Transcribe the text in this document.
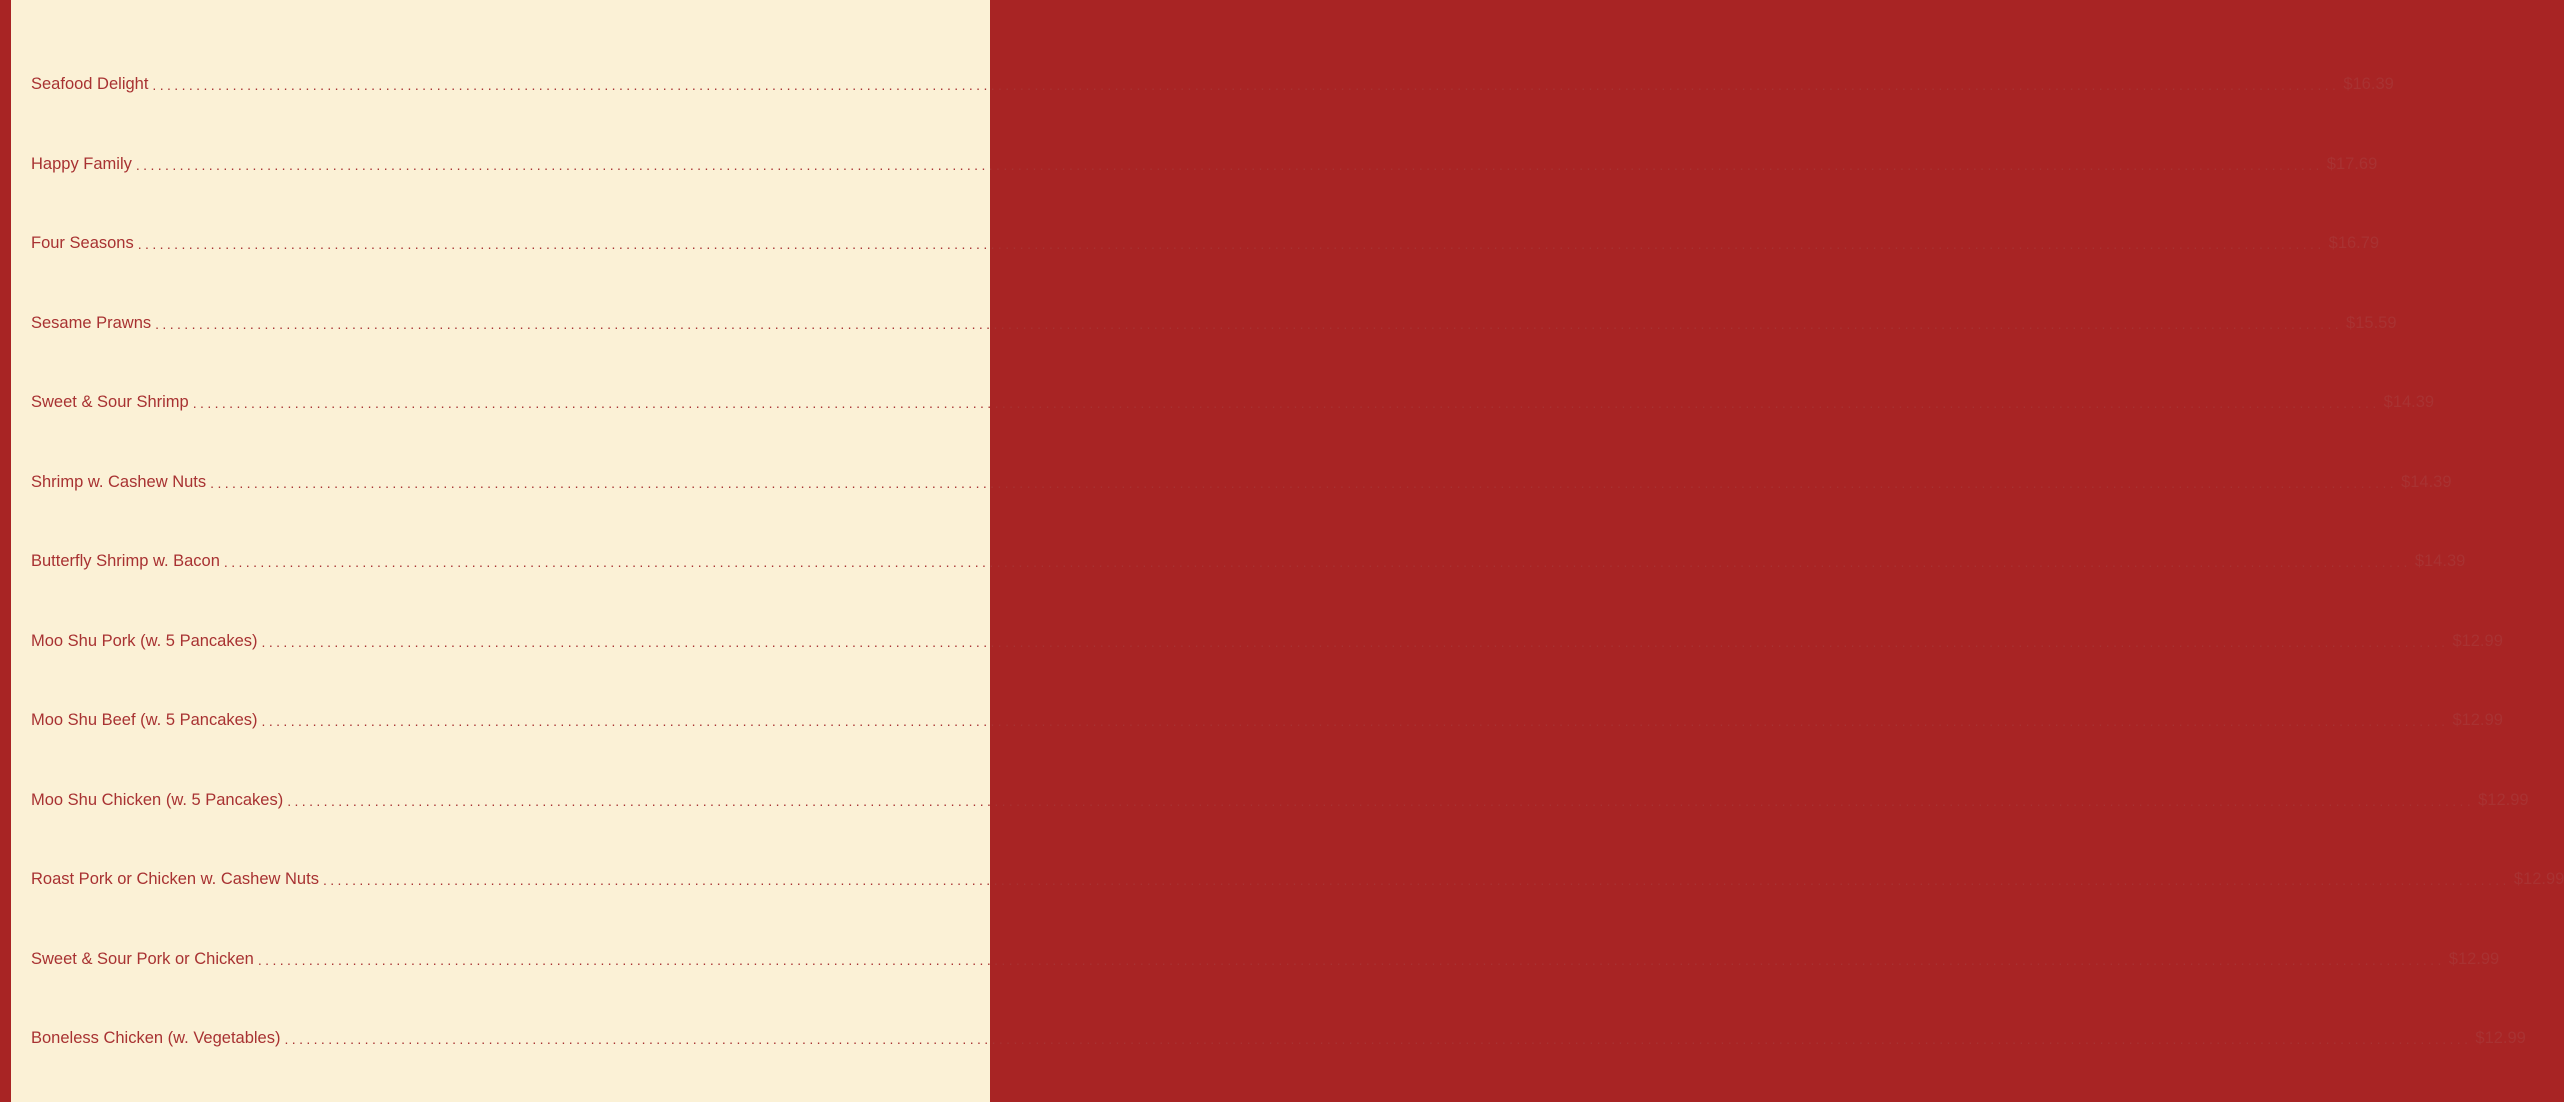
Seafood Delight ............................................................................................................................................................................................................................................................................................................ $16.39
Happy Family ............................................................................................................................................................................................................................................................................................................ $17.69
Four Seasons ............................................................................................................................................................................................................................................................................................................ $16.79
Sesame Prawns ............................................................................................................................................................................................................................................................................................................ $15.59
Sweet & Sour Shrimp ............................................................................................................................................................................................................................................................................................................ $14.39
Shrimp w. Cashew Nuts ............................................................................................................................................................................................................................................................................................................ $14.39
Butterfly Shrimp w. Bacon ............................................................................................................................................................................................................................................................................................................ $14.39
Moo Shu Pork (w. 5 Pancakes) ............................................................................................................................................................................................................................................................................................................ $12.99
Moo Shu Beef (w. 5 Pancakes) ............................................................................................................................................................................................................................................................................................................ $12.99
Moo Shu Chicken (w. 5 Pancakes) ............................................................................................................................................................................................................................................................................................................ $12.99
Roast Pork or Chicken w. Cashew Nuts ............................................................................................................................................................................................................................................................................................................ $12.99
Sweet & Sour Pork or Chicken ............................................................................................................................................................................................................................................................................................................ $12.99
Boneless Chicken (w. Vegetables) ............................................................................................................................................................................................................................................................................................................ $12.99
